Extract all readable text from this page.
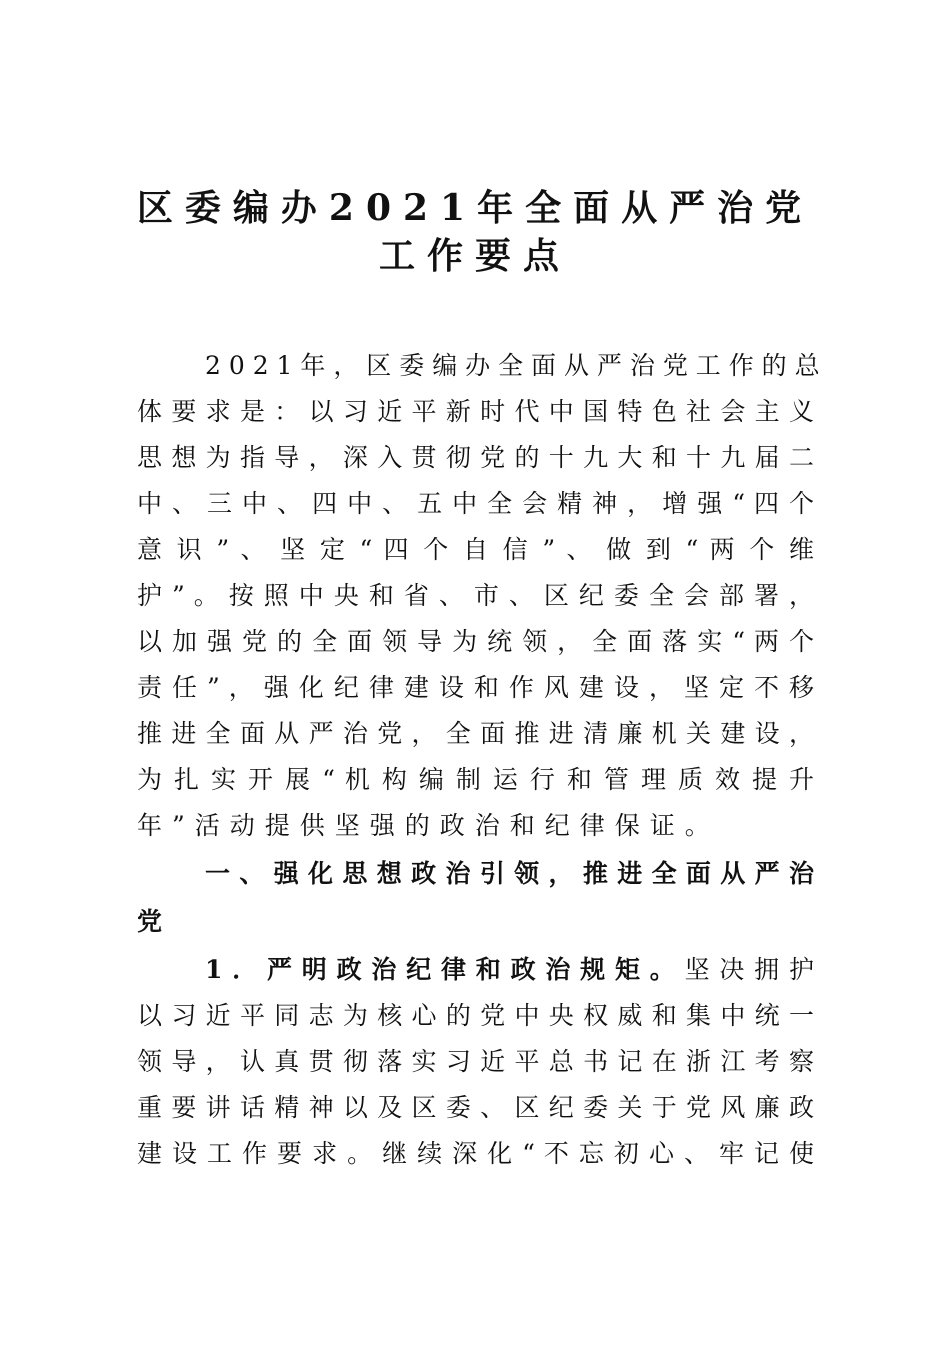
区委编办2021年全面从严治党
工作要点
2 0 2 1 年 ， 区 委 编 办 全 面 从 严 治 党 工 作 的 总
体 要 求 是 ： 以 习 近 平 新 时 代 中 国 特 色 社 会 主 义
思 想 为 指 导 ， 深 入 贯 彻 党 的 十 九 大 和 十 九 届 二
中 、 三 中 、 四 中 、 五 中 全 会 精 神 ， 增 强 “ 四 个
意 识 ” 、 坚 定 “ 四 个 自 信 ” 、 做 到 “ 两 个 维
护 ” 。 按 照 中 央 和 省 、 市 、 区 纪 委 全 会 部 署 ，
以 加 强 党 的 全 面 领 导 为 统 领 ， 全 面 落 实 “ 两 个
责 任 ” ， 强 化 纪 律 建 设 和 作 风 建 设 ， 坚 定 不 移
推 进 全 面 从 严 治 党 ， 全 面 推 进 清 廉 机 关 建 设 ，
为 扎 实 开 展 “ 机 构 编 制 运 行 和 管 理 质 效 提 升
年”活动提供坚强的政治和纪律保证。
一 、 强 化 思 想 政 治 引 领 ， 推 进 全 面 从 严 治
党
1​．​严​明​政​治​纪​律​和​政​治​规​矩​。坚​决​拥​护
以 习 近 平 同 志 为 核 心 的 党 中 央 权 威 和 集 中 统 一
领 导 ， 认 真 贯 彻 落 实 习 近 平 总 书 记 在 浙 江 考 察
重 要 讲 话 精 神 以 及 区 委 、 区 纪 委 关 于 党 风 廉 政
建 设 工 作 要 求 。 继 续 深 化 “ 不 忘 初 心 、 牢 记 使
